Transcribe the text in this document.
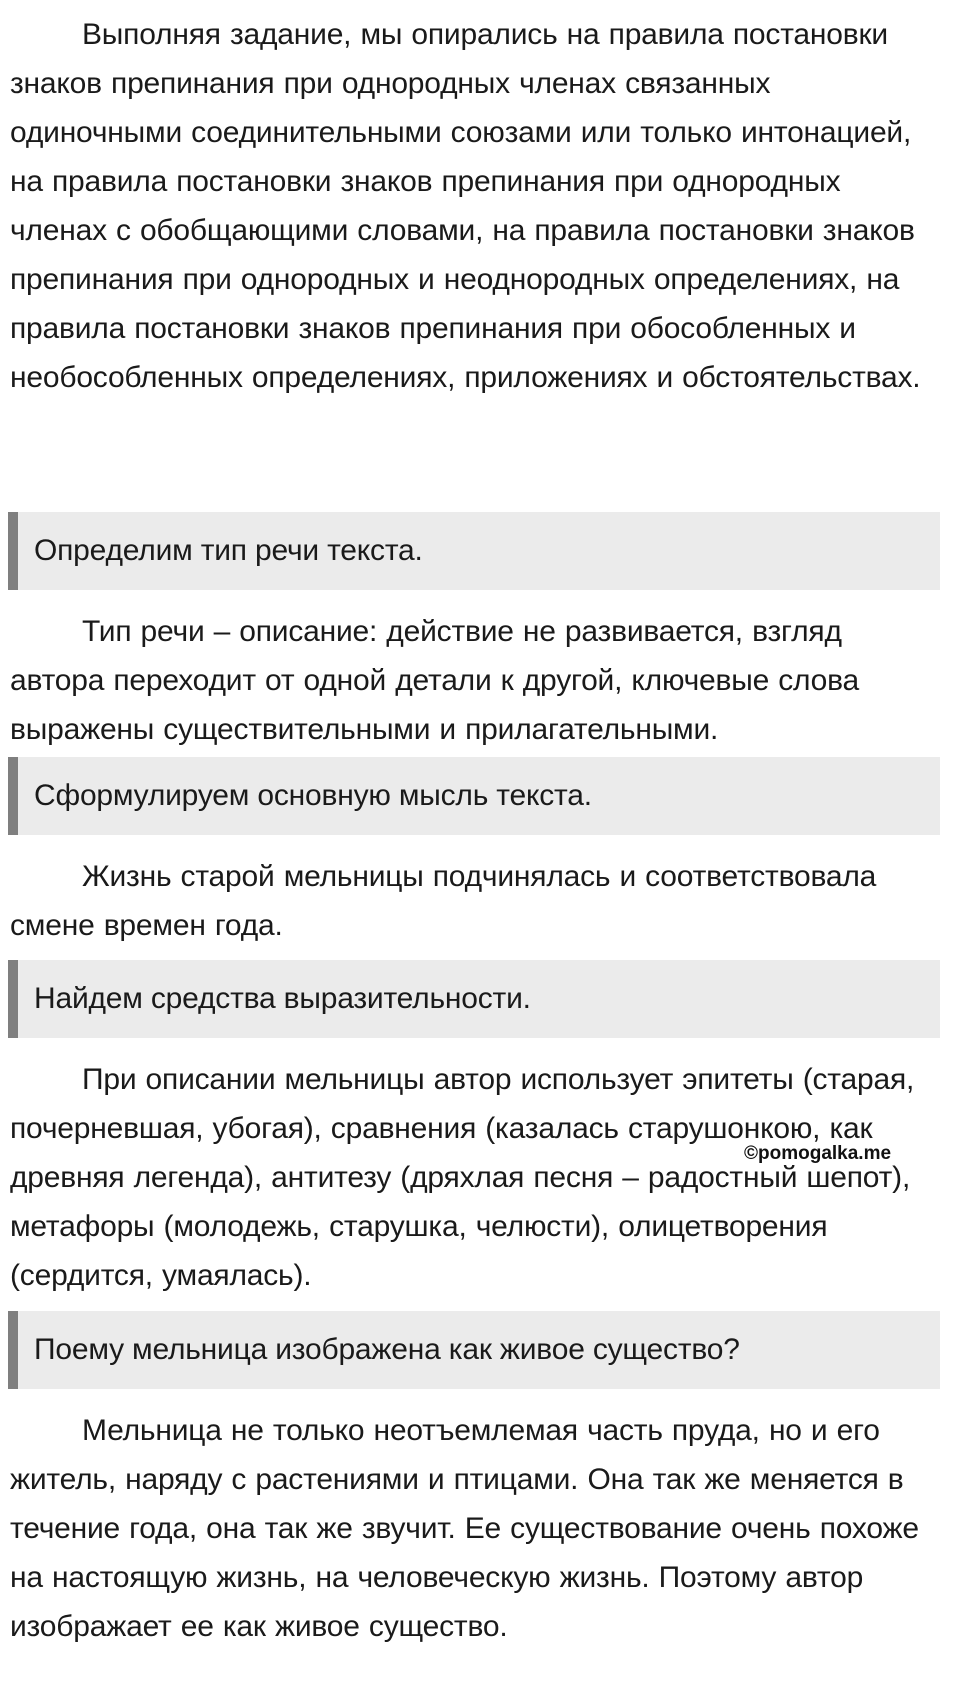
Выполняя задание, мы опирались на правила постановки знаков препинания при однородных членах связанных одиночными соединительными союзами или только интонацией, на правила постановки знаков препинания при однородных членах с обобщающими словами, на правила постановки знаков препинания при однородных и неоднородных определениях, на правила постановки знаков препинания при обособленных и необособленных определениях, приложениях и обстоятельствах.

Определим тип речи текста.

Тип речи – описание: действие не развивается, взгляд автора переходит от одной детали к другой, ключевые слова выражены существительными и прилагательными.

Сформулируем основную мысль текста.

Жизнь старой мельницы подчинялась и соответствовала смене времен года.

Найдем средства выразительности.

При описании мельницы автор использует эпитеты (старая, почерневшая, убогая), сравнения (казалась старушонкою, как древняя легенда), антитезу (дряхлая песня – радостный шепот), метафоры (молодежь, старушка, челюсти), олицетворения (сердится, умаялась).

©pomogalka.me
Поему мельница изображена как живое существо?

Мельница не только неотъемлемая часть пруда, но и его житель, наряду с растениями и птицами. Она так же меняется в течение года, она так же звучит. Ее существование очень похоже на настоящую жизнь, на человеческую жизнь. Поэтому автор изображает ее как живое существо.
